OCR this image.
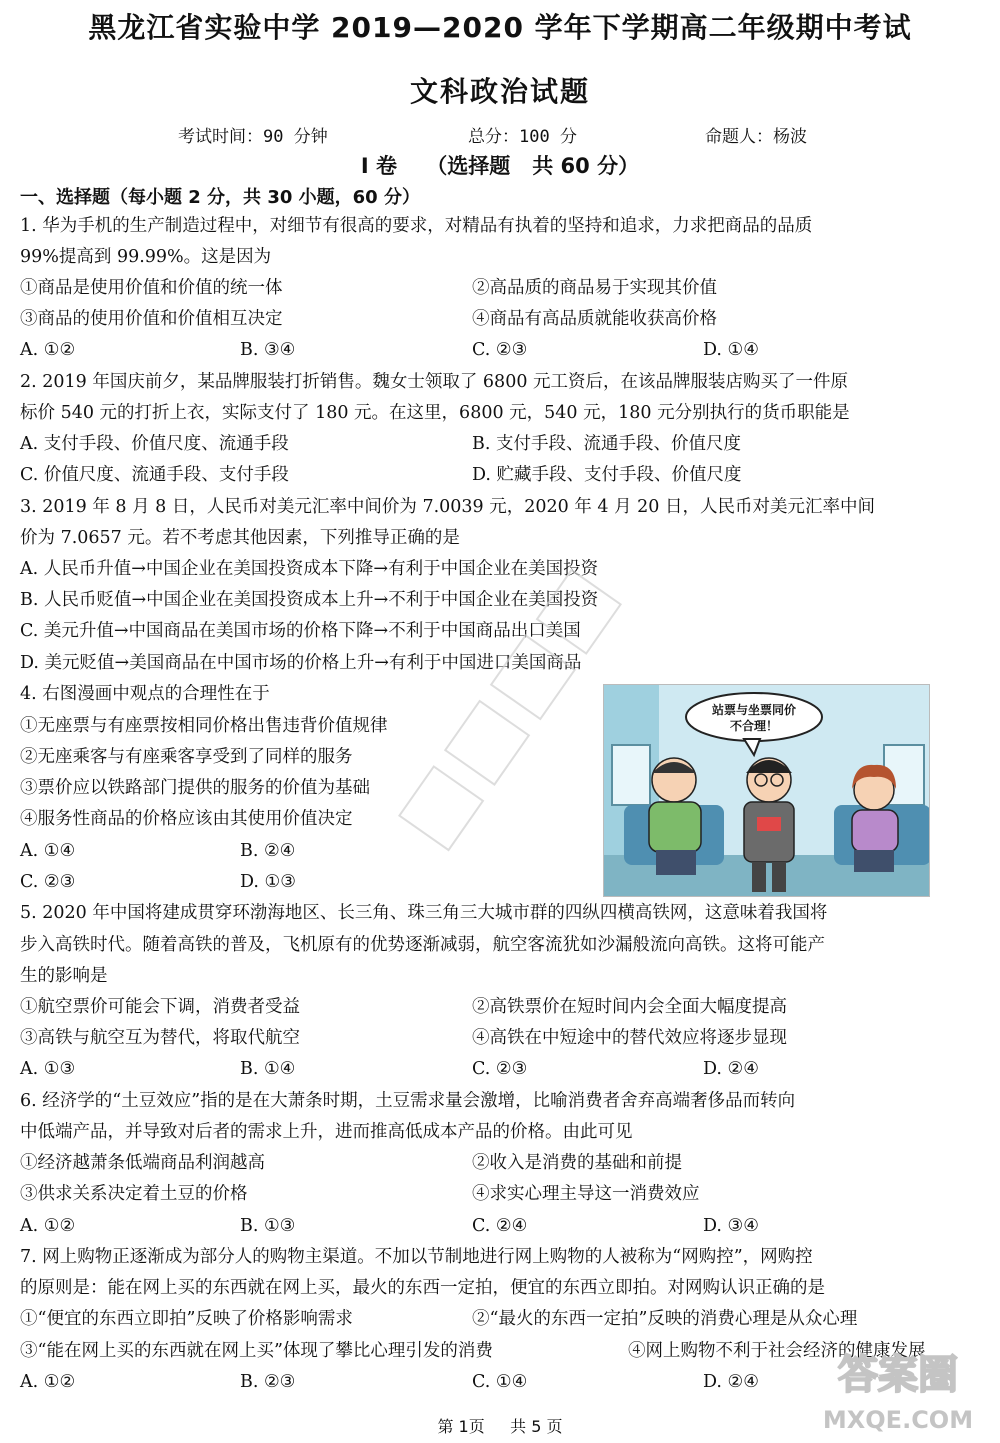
黑龙江省实验中学 2019—2020 学年下学期高二年级期中考试
文科政治试题
考试时间：90 分钟	总分：100 分	命题人：杨波
I 卷    （选择题   共 60 分）
一、选择题（每小题 2 分，共 30 小题，60 分）
1. 华为手机的生产制造过程中，对细节有很高的要求，对精品有执着的坚持和追求，力求把商品的品质
99%提高到 99.99%。这是因为
①商品是使用价值和价值的统一体	②高品质的商品易于实现其价值
③商品的使用价值和价值相互决定	④商品有高品质就能收获高价格
A. ①②	B. ③④	C. ②③	D. ①④
2. 2019 年国庆前夕，某品牌服装打折销售。魏女士领取了 6800 元工资后，在该品牌服装店购买了一件原
标价 540 元的打折上衣，实际支付了 180 元。在这里，6800 元，540 元，180 元分别执行的货币职能是
A. 支付手段、价值尺度、流通手段	B. 支付手段、流通手段、价值尺度
C. 价值尺度、流通手段、支付手段	D. 贮藏手段、支付手段、价值尺度
3. 2019 年 8 月 8 日，人民币对美元汇率中间价为 7.0039 元，2020 年 4 月 20 日，人民币对美元汇率中间
价为 7.0657 元。若不考虑其他因素，下列推导正确的是
A. 人民币升值→中国企业在美国投资成本下降→有利于中国企业在美国投资
B. 人民币贬值→中国企业在美国投资成本上升→不利于中国企业在美国投资
C. 美元升值→中国商品在美国市场的价格下降→不利于中国商品出口美国
D. 美元贬值→美国商品在中国市场的价格上升→有利于中国进口美国商品
4. 右图漫画中观点的合理性在于
①无座票与有座票按相同价格出售违背价值规律
②无座乘客与有座乘客享受到了同样的服务
③票价应以铁路部门提供的服务的价值为基础
④服务性商品的价格应该由其使用价值决定
A. ①④	B. ②④
C. ②③	D. ①③
站票与坐票同价
不合理！
5. 2020 年中国将建成贯穿环渤海地区、长三角、珠三角三大城市群的四纵四横高铁网，这意味着我国将
步入高铁时代。随着高铁的普及，飞机原有的优势逐渐减弱，航空客流犹如沙漏般流向高铁。这将可能产
生的影响是
①航空票价可能会下调，消费者受益	②高铁票价在短时间内会全面大幅度提高
③高铁与航空互为替代，将取代航空	④高铁在中短途中的替代效应将逐步显现
A. ①③	B. ①④	C. ②③	D. ②④
6. 经济学的“土豆效应”指的是在大萧条时期，土豆需求量会激增，比喻消费者舍弃高端奢侈品而转向
中低端产品，并导致对后者的需求上升，进而推高低成本产品的价格。由此可见
①经济越萧条低端商品利润越高	②收入是消费的基础和前提
③供求关系决定着土豆的价格	④求实心理主导这一消费效应
A. ①②	B. ①③	C. ②④	D. ③④
7. 网上购物正逐渐成为部分人的购物主渠道。不加以节制地进行网上购物的人被称为“网购控”，网购控
的原则是：能在网上买的东西就在网上买，最火的东西一定拍，便宜的东西立即拍。对网购认识正确的是
①“便宜的东西立即拍”反映了价格影响需求	②“最火的东西一定拍”反映的消费心理是从众心理
③“能在网上买的东西就在网上买”体现了攀比心理引发的消费	④网上购物不利于社会经济的健康发展
A. ①②	B. ②③	C. ①④	D. ②④ 答案圈
MXQE.COM
第 1页     共 5 页
